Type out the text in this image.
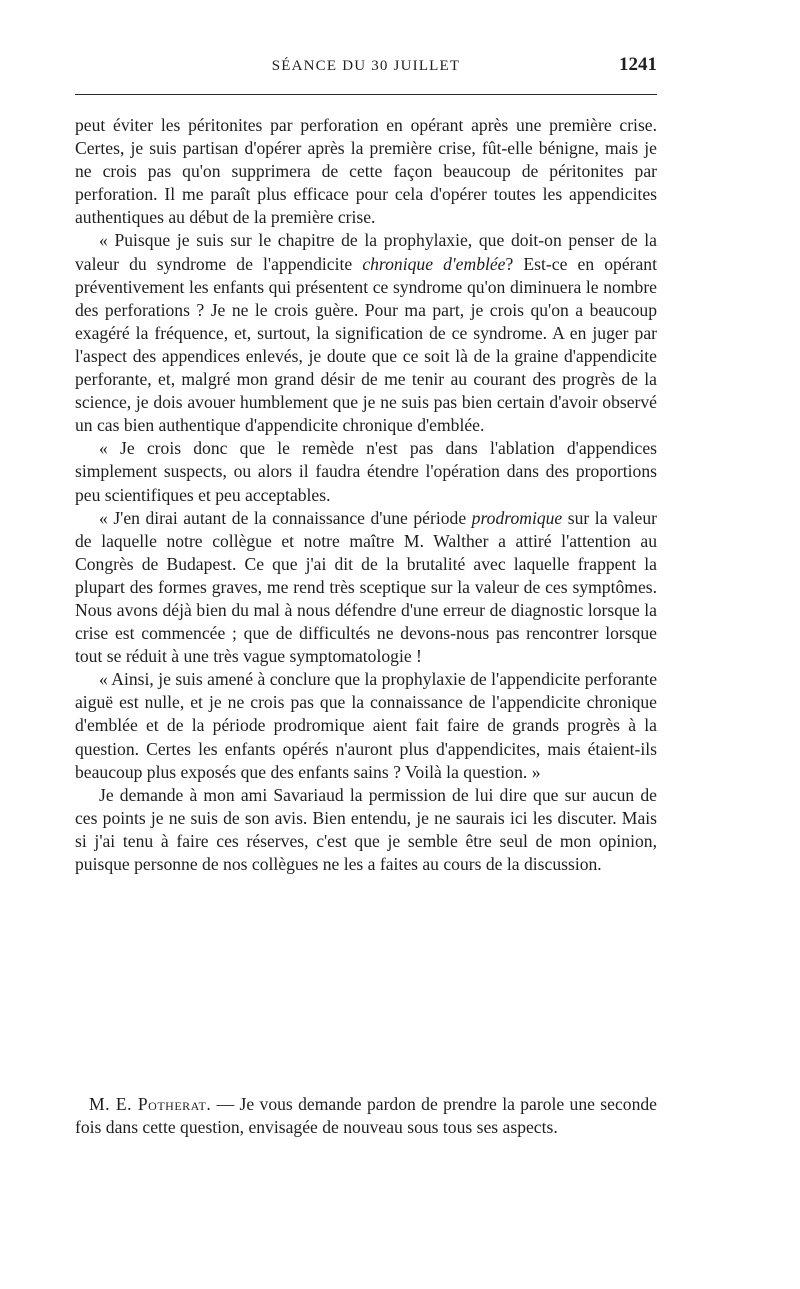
SÉANCE DU 30 JUILLET	1241

peut éviter les péritonites par perforation en opérant après une première crise. Certes, je suis partisan d'opérer après la première crise, fût-elle bénigne, mais je ne crois pas qu'on supprimera de cette façon beaucoup de péritonites par perforation. Il me paraît plus efficace pour cela d'opérer toutes les appendicites authentiques au début de la première crise.

« Puisque je suis sur le chapitre de la prophylaxie, que doit-on penser de la valeur du syndrome de l'appendicite chronique d'emblée? Est-ce en opérant préventivement les enfants qui présentent ce syndrome qu'on diminuera le nombre des perforations ? Je ne le crois guère. Pour ma part, je crois qu'on a beaucoup exagéré la fréquence, et, surtout, la signification de ce syndrome. A en juger par l'aspect des appendices enlevés, je doute que ce soit là de la graine d'appendicite perforante, et, malgré mon grand désir de me tenir au courant des progrès de la science, je dois avouer humblement que je ne suis pas bien certain d'avoir observé un cas bien authentique d'appendicite chronique d'emblée.

« Je crois donc que le remède n'est pas dans l'ablation d'appendices simplement suspects, ou alors il faudra étendre l'opération dans des proportions peu scientifiques et peu acceptables.

« J'en dirai autant de la connaissance d'une période prodromique sur la valeur de laquelle notre collègue et notre maître M. Walther a attiré l'attention au Congrès de Budapest. Ce que j'ai dit de la brutalité avec laquelle frappent la plupart des formes graves, me rend très sceptique sur la valeur de ces symptômes. Nous avons déjà bien du mal à nous défendre d'une erreur de diagnostic lorsque la crise est commencée ; que de difficultés ne devons-nous pas rencontrer lorsque tout se réduit à une très vague symptomatologie !

« Ainsi, je suis amené à conclure que la prophylaxie de l'appendicite perforante aiguë est nulle, et je ne crois pas que la connaissance de l'appendicite chronique d'emblée et de la période prodromique aient fait faire de grands progrès à la question. Certes les enfants opérés n'auront plus d'appendicites, mais étaient-ils beaucoup plus exposés que des enfants sains ? Voilà la question. »

Je demande à mon ami Savariaud la permission de lui dire que sur aucun de ces points je ne suis de son avis. Bien entendu, je ne saurais ici les discuter. Mais si j'ai tenu à faire ces réserves, c'est que je semble être seul de mon opinion, puisque personne de nos collègues ne les a faites au cours de la discussion.

M. E. Potherat. — Je vous demande pardon de prendre la parole une seconde fois dans cette question, envisagée de nouveau sous tous ses aspects.
